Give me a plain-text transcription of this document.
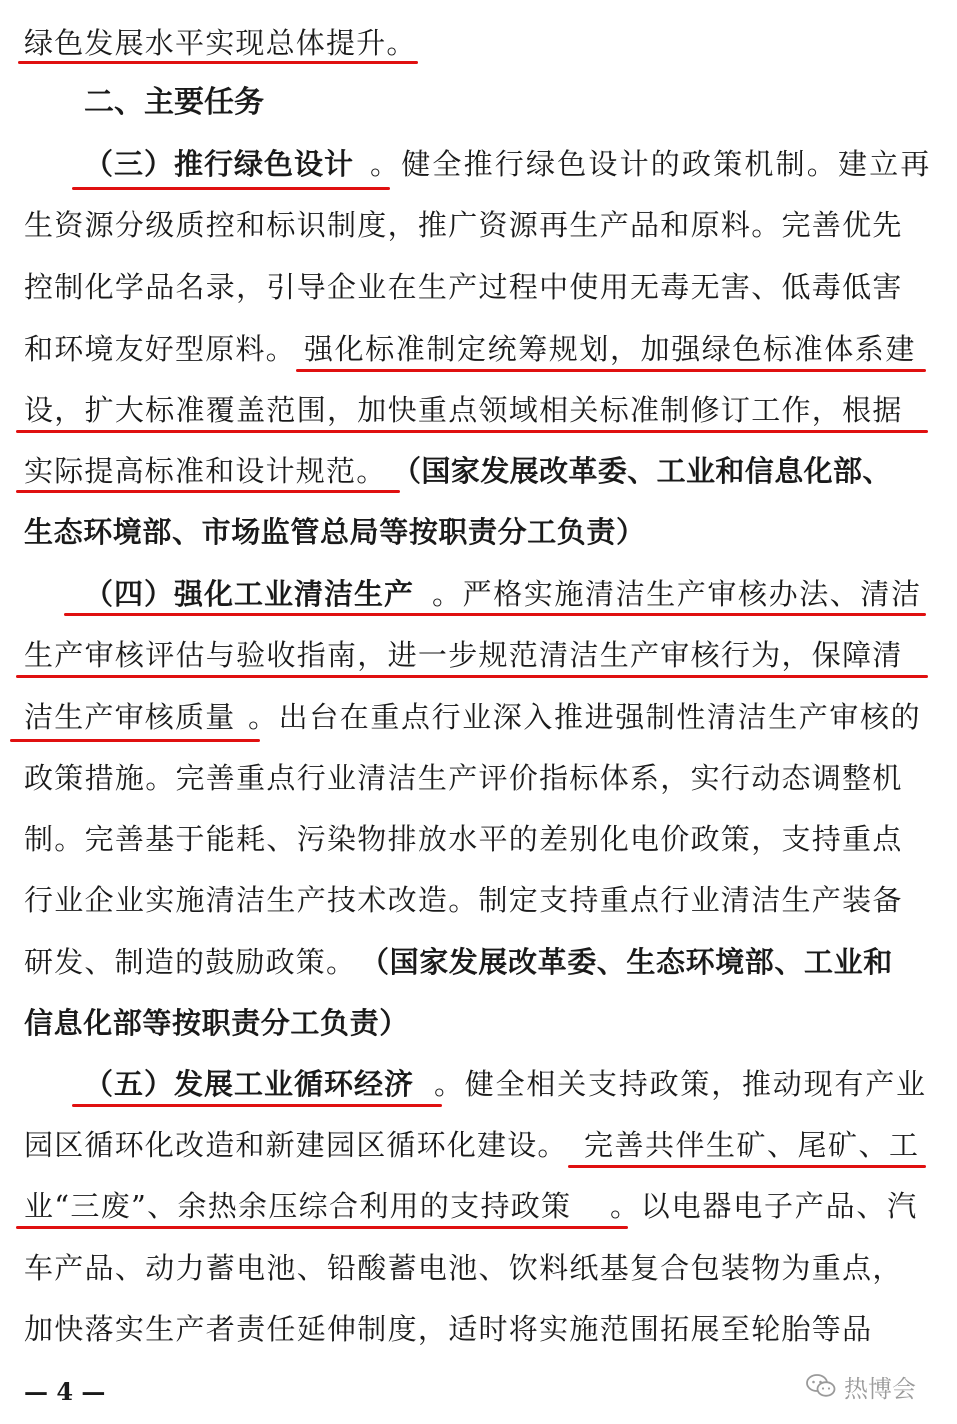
绿色发展水平实现总体提升。
二、主要任务
（三）推行绿色设计 。健全推行绿色设计的政策机制。建立再
生资源分级质控和标识制度，推广资源再生产品和原料。完善优先
控制化学品名录，引导企业在生产过程中使用无毒无害、低毒低害
和环境友好型原料。 强化标准制定统筹规划，加强绿色标准体系建
设，扩大标准覆盖范围，加快重点领域相关标准制修订工作，根据
实际提高标准和设计规范。 （国家发展改革委、工业和信息化部、
生态环境部、市场监管总局等按职责分工负责）
（四）强化工业清洁生产 。严格实施清洁生产审核办法、清洁
生产审核评估与验收指南，进一步规范清洁生产审核行为，保障清
洁生产审核质量 。出台在重点行业深入推进强制性清洁生产审核的
政策措施。完善重点行业清洁生产评价指标体系，实行动态调整机
制。完善基于能耗、污染物排放水平的差别化电价政策，支持重点
行业企业实施清洁生产技术改造。制定支持重点行业清洁生产装备
研发、制造的鼓励政策。 （国家发展改革委、生态环境部、工业和
信息化部等按职责分工负责）
（五）发展工业循环经济 。健全相关支持政策，推动现有产业
园区循环化改造和新建园区循环化建设。 完善共伴生矿、尾矿、工
业“三废”、余热余压综合利用的支持政策 。以电器电子产品、汽
车产品、动力蓄电池、铅酸蓄电池、饮料纸基复合包装物为重点，
加快落实生产者责任延伸制度，适时将实施范围拓展至轮胎等品
— 4 —	热博会
